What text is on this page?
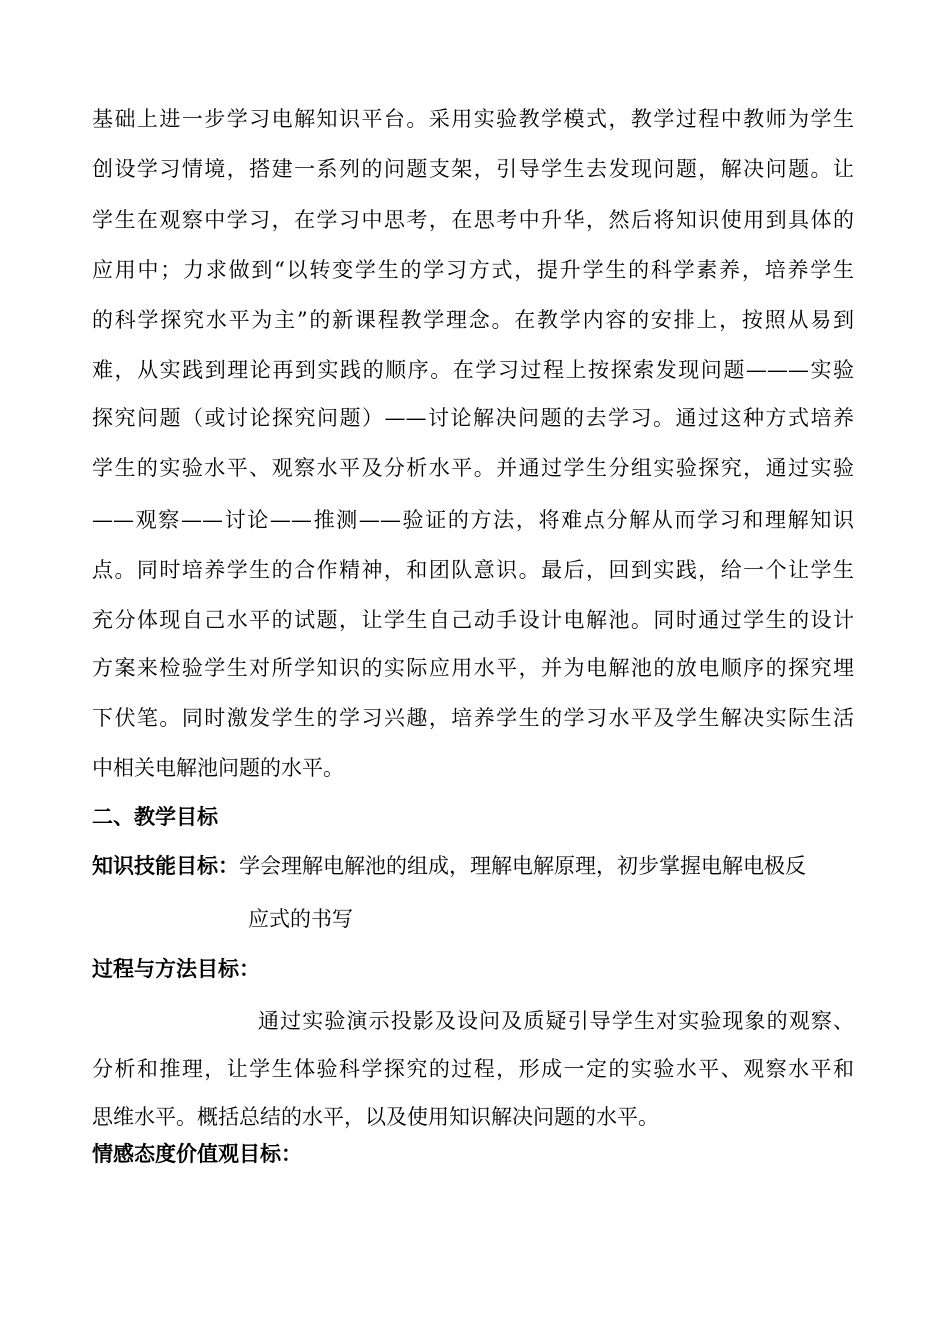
基础上进一步学习电解知识平台。采用实验教学模式，教学过程中教师为学生
创设学习情境，搭建一系列的问题支架，引导学生去发现问题，解决问题。让
学生在观察中学习，在学习中思考，在思考中升华，然后将知识使用到具体的
应用中；力求做到“以转变学生的学习方式，提升学生的科学素养，培养学生
的科学探究水平为主”的新课程教学理念。在教学内容的安排上，按照从易到
难，从实践到理论再到实践的顺序。在学习过程上按探索发现问题———实验
探究问题（或讨论探究问题）——讨论解决问题的去学习。通过这种方式培养
学生的实验水平、观察水平及分析水平。并通过学生分组实验探究，通过实验
——观察——讨论——推测——验证的方法，将难点分解从而学习和理解知识
点。同时培养学生的合作精神，和团队意识。最后，回到实践，给一个让学生
充分体现自己水平的试题，让学生自己动手设计电解池。同时通过学生的设计
方案来检验学生对所学知识的实际应用水平，并为电解池的放电顺序的探究埋
下伏笔。同时激发学生的学习兴趣，培养学生的学习水平及学生解决实际生活
中相关电解池问题的水平。
二、教学目标
知识技能目标： 学会理解电解池的组成，理解电解原理，初步掌握电解电极反
应式的书写
过程与方法目标：
通过实验演示投影及设问及质疑引导学生对实验现象的观察、
分析和推理，让学生体验科学探究的过程，形成一定的实验水平、观察水平和
思维水平。概括总结的水平，以及使用知识解决问题的水平。
情感态度价值观目标：
